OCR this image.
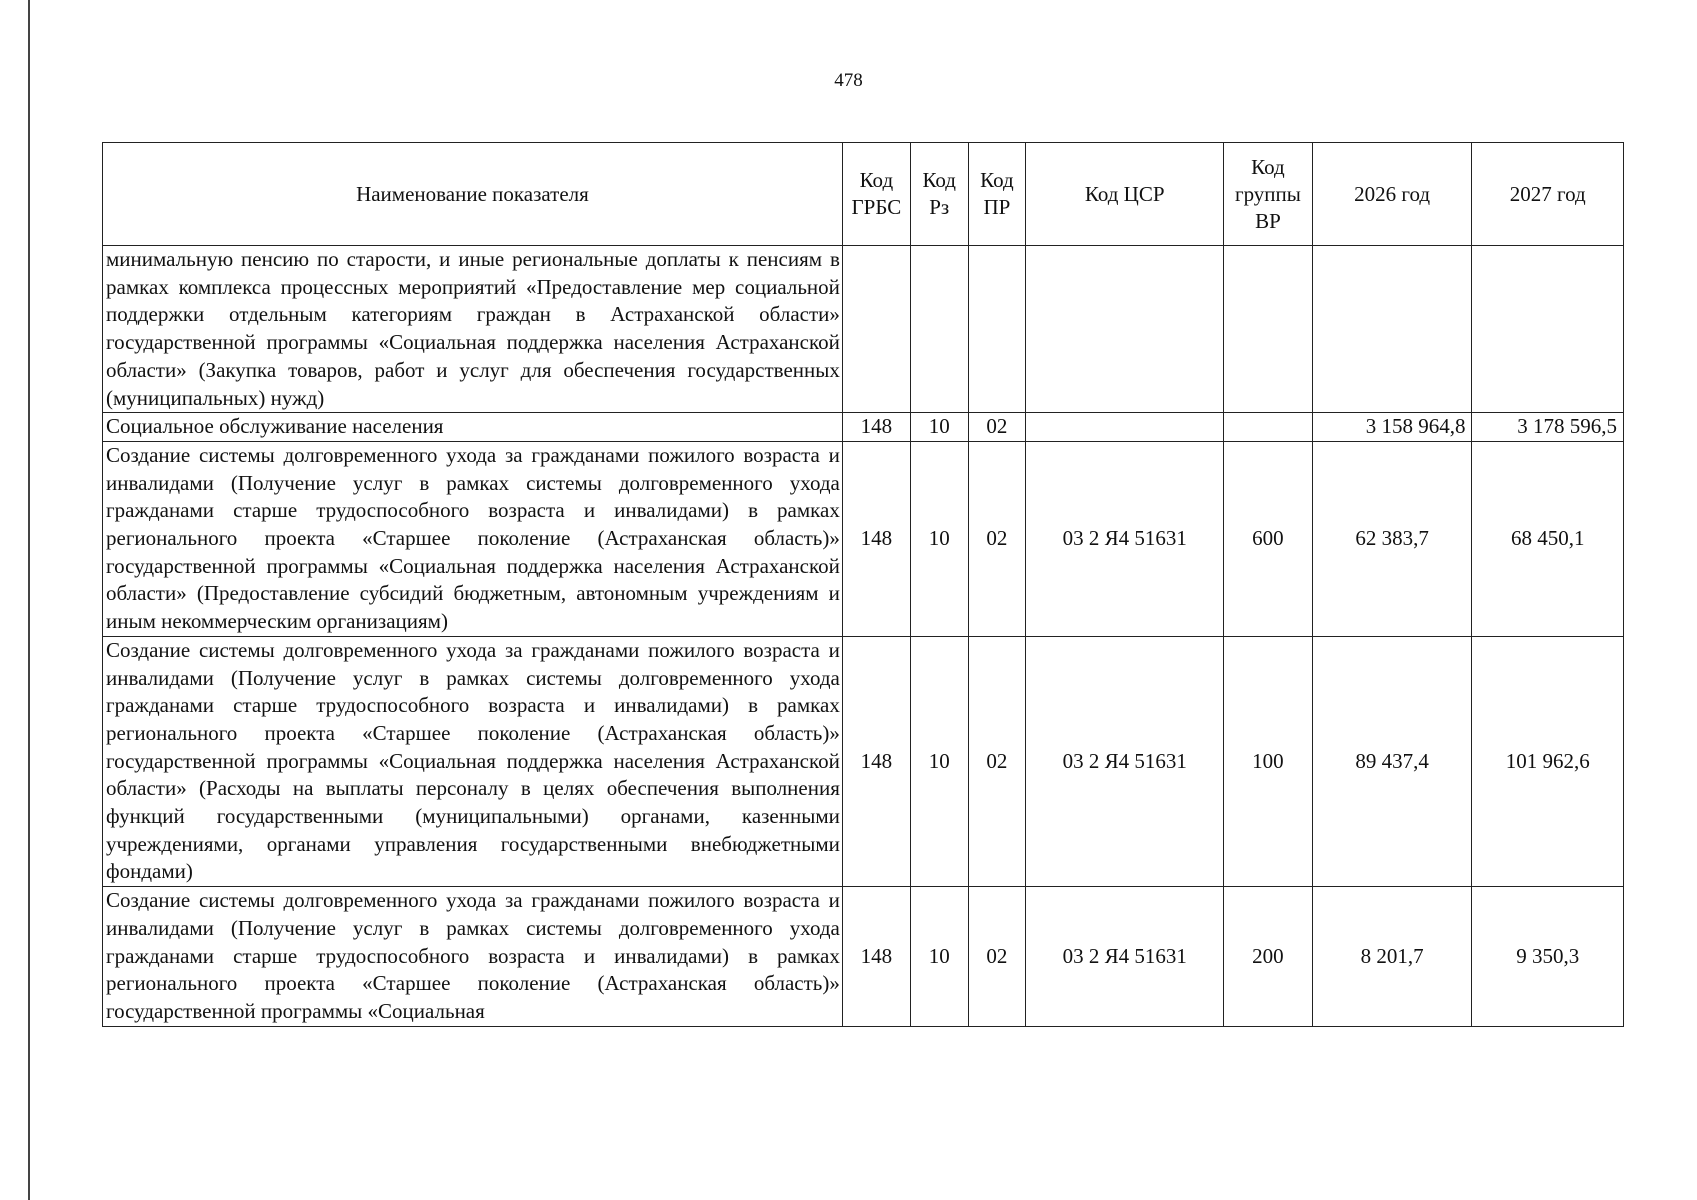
478
Наименование показателя	Код ГРБС	Код Рз	Код ПР	Код ЦСР	Код группы ВР	2026 год	2027 год
минимальную пенсию по старости, и иные региональные доплаты к пенсиям в рамках комплекса процессных мероприятий «Предоставление мер социальной поддержки отдельным категориям граждан в Астраханской области» государственной программы «Социальная поддержка населения Астраханской области» (Закупка товаров, работ и услуг для обеспечения государственных (муниципальных) нужд)							
Социальное обслуживание населения	148	10	02			3 158 964,8	3 178 596,5
Создание системы долговременного ухода за гражданами пожилого возраста и инвалидами (Получение услуг в рамках системы долговременного ухода гражданами старше трудоспособного возраста и инвалидами) в рамках регионального проекта «Старшее поколение (Астраханская область)» государственной программы «Социальная поддержка населения Астраханской области» (Предоставление субсидий бюджетным, автономным учреждениям и иным некоммерческим организациям)	148	10	02	03 2 Я4 51631	600	62 383,7	68 450,1
Создание системы долговременного ухода за гражданами пожилого возраста и инвалидами (Получение услуг в рамках системы долговременного ухода гражданами старше трудоспособного возраста и инвалидами) в рамках регионального проекта «Старшее поколение (Астраханская область)» государственной программы «Социальная поддержка населения Астраханской области» (Расходы на выплаты персоналу в целях обеспечения выполнения функций государственными (муниципальными) органами, казенными учреждениями, органами управления государственными внебюджетными фондами)	148	10	02	03 2 Я4 51631	100	89 437,4	101 962,6
Создание системы долговременного ухода за гражданами пожилого возраста и инвалидами (Получение услуг в рамках системы долговременного ухода гражданами старше трудоспособного возраста и инвалидами) в рамках регионального проекта «Старшее поколение (Астраханская область)» государственной программы «Социальная	148	10	02	03 2 Я4 51631	200	8 201,7	9 350,3
